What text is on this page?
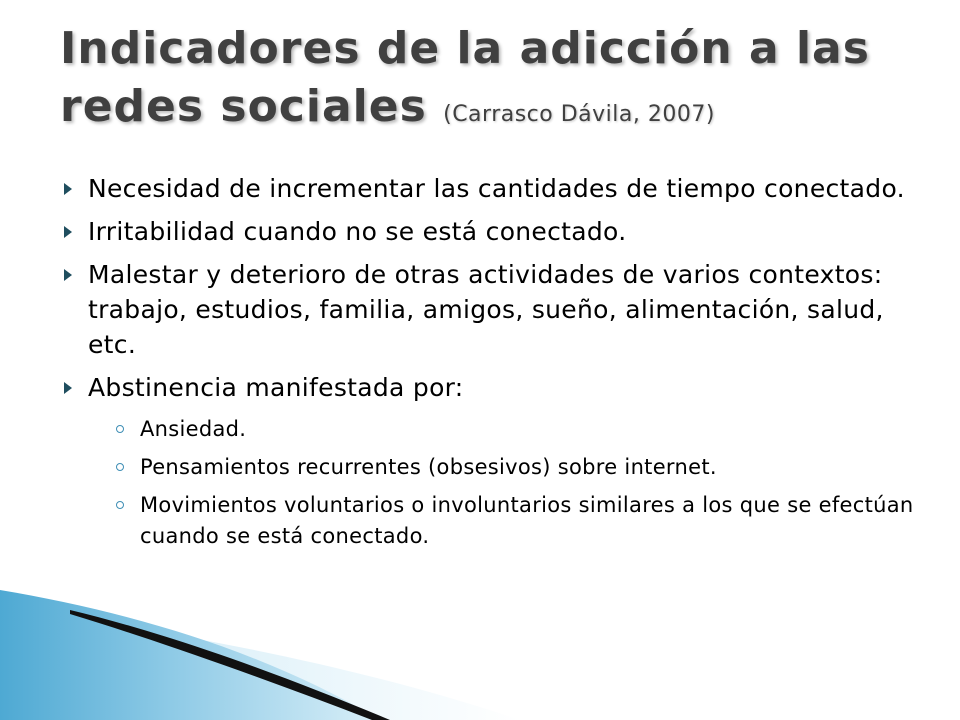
Indicadores de la adicción a las redes sociales (Carrasco Dávila, 2007)
Necesidad de incrementar las cantidades de tiempo conectado.
Irritabilidad cuando no se está conectado.
Malestar y deterioro de otras actividades de varios contextos: trabajo, estudios, familia, amigos, sueño, alimentación, salud, etc.
Abstinencia manifestada por:
Ansiedad.
Pensamientos recurrentes (obsesivos) sobre internet.
Movimientos voluntarios o involuntarios similares a los que se efectúan cuando se está conectado.
